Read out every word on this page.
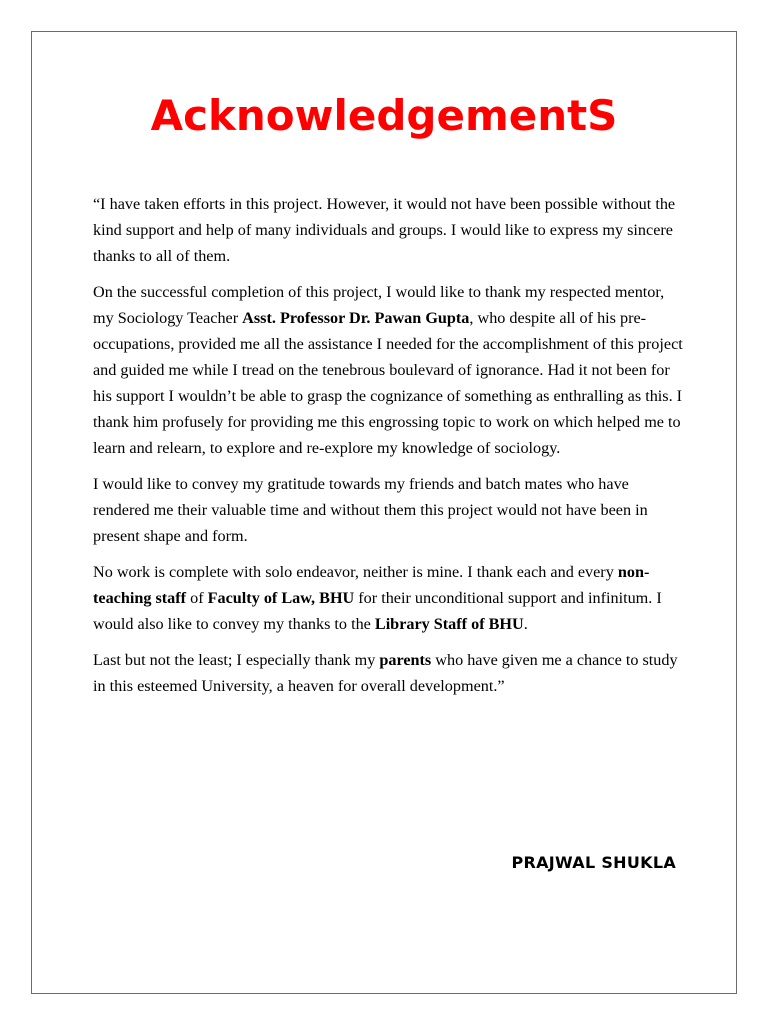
AcknowledgementS

“I have taken efforts in this project. However, it would not have been possible without the kind support and help of many individuals and groups. I would like to express my sincere thanks to all of them.

On the successful completion of this project, I would like to thank my respected mentor, my Sociology Teacher Asst. Professor Dr. Pawan Gupta, who despite all of his pre-occupations, provided me all the assistance I needed for the accomplishment of this project and guided me while I tread on the tenebrous boulevard of ignorance. Had it not been for his support I wouldn’t be able to grasp the cognizance of something as enthralling as this. I thank him profusely for providing me this engrossing topic to work on which helped me to learn and relearn, to explore and re-explore my knowledge of sociology.

I would like to convey my gratitude towards my friends and batch mates who have rendered me their valuable time and without them this project would not have been in present shape and form.

No work is complete with solo endeavor, neither is mine. I thank each and every non-teaching staff of Faculty of Law, BHU for their unconditional support and infinitum. I would also like to convey my thanks to the Library Staff of BHU.

Last but not the least; I especially thank my parents who have given me a chance to study in this esteemed University, a heaven for overall development.”

PRAJWAL SHUKLA
